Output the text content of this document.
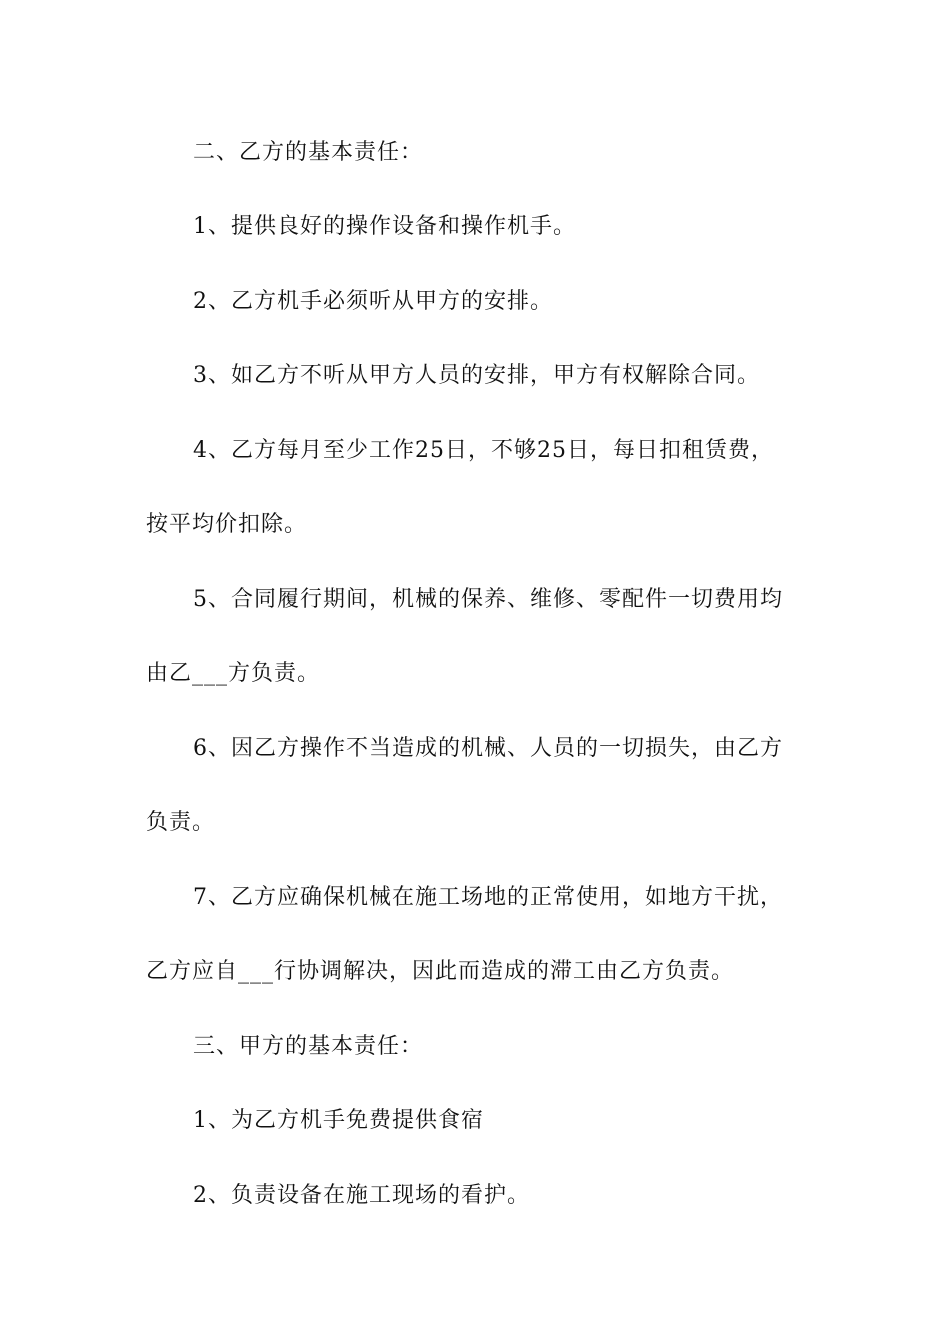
二、乙方的基本责任：
1、提供良好的操作设备和操作机手。
2、乙方机手必须听从甲方的安排。
3、如乙方不听从甲方人员的安排，甲方有权解除合同。
4、乙方每月至少工作25日，不够25日，每日扣租赁费，
按平均价扣除。
5、合同履行期间，机械的保养、维修、零配件一切费用均
由乙___方负责。
6、因乙方操作不当造成的机械、人员的一切损失，由乙方
负责。
7、乙方应确保机械在施工场地的正常使用，如地方干扰，
乙方应自___行协调解决，因此而造成的滞工由乙方负责。
三、甲方的基本责任：
1、为乙方机手免费提供食宿
2、负责设备在施工现场的看护。
